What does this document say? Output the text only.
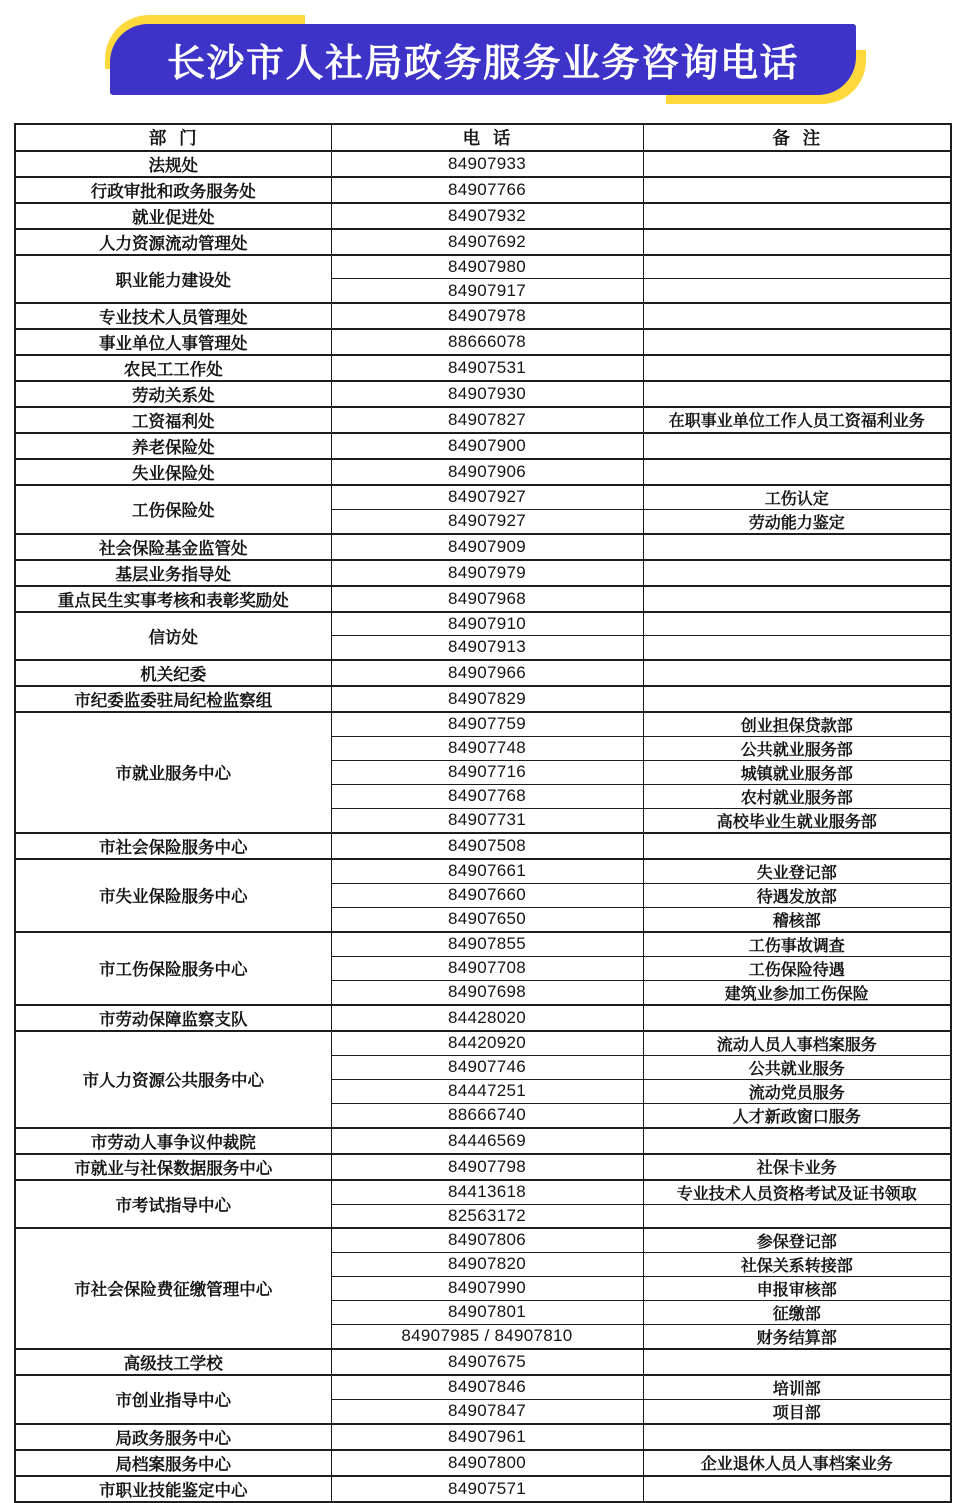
长沙市人社局政务服务业务咨询电话
部  门	电  话	备  注
法规处	84907933	
行政审批和政务服务处	84907766	
就业促进处	84907932	
人力资源流动管理处	84907692	
职业能力建设处	84907980	
	84907917	
专业技术人员管理处	84907978	
事业单位人事管理处	88666078	
农民工工作处	84907531	
劳动关系处	84907930	
工资福利处	84907827	在职事业单位工作人员工资福利业务
养老保险处	84907900	
失业保险处	84907906	
工伤保险处	84907927	工伤认定
	84907927	劳动能力鉴定
社会保险基金监管处	84907909	
基层业务指导处	84907979	
重点民生实事考核和表彰奖励处	84907968	
信访处	84907910	
	84907913	
机关纪委	84907966	
市纪委监委驻局纪检监察组	84907829	
市就业服务中心	84907759	创业担保贷款部
	84907748	公共就业服务部
	84907716	城镇就业服务部
	84907768	农村就业服务部
	84907731	高校毕业生就业服务部
市社会保险服务中心	84907508	
市失业保险服务中心	84907661	失业登记部
	84907660	待遇发放部
	84907650	稽核部
市工伤保险服务中心	84907855	工伤事故调查
	84907708	工伤保险待遇
	84907698	建筑业参加工伤保险
市劳动保障监察支队	84428020	
市人力资源公共服务中心	84420920	流动人员人事档案服务
	84907746	公共就业服务
	84447251	流动党员服务
	88666740	人才新政窗口服务
市劳动人事争议仲裁院	84446569	
市就业与社保数据服务中心	84907798	社保卡业务
市考试指导中心	84413618	专业技术人员资格考试及证书领取
	82563172	
市社会保险费征缴管理中心	84907806	参保登记部
	84907820	社保关系转接部
	84907990	申报审核部
	84907801	征缴部
	84907985 / 84907810	财务结算部
高级技工学校	84907675	
市创业指导中心	84907846	培训部
	84907847	项目部
局政务服务中心	84907961	
局档案服务中心	84907800	企业退休人员人事档案业务
市职业技能鉴定中心	84907571	
